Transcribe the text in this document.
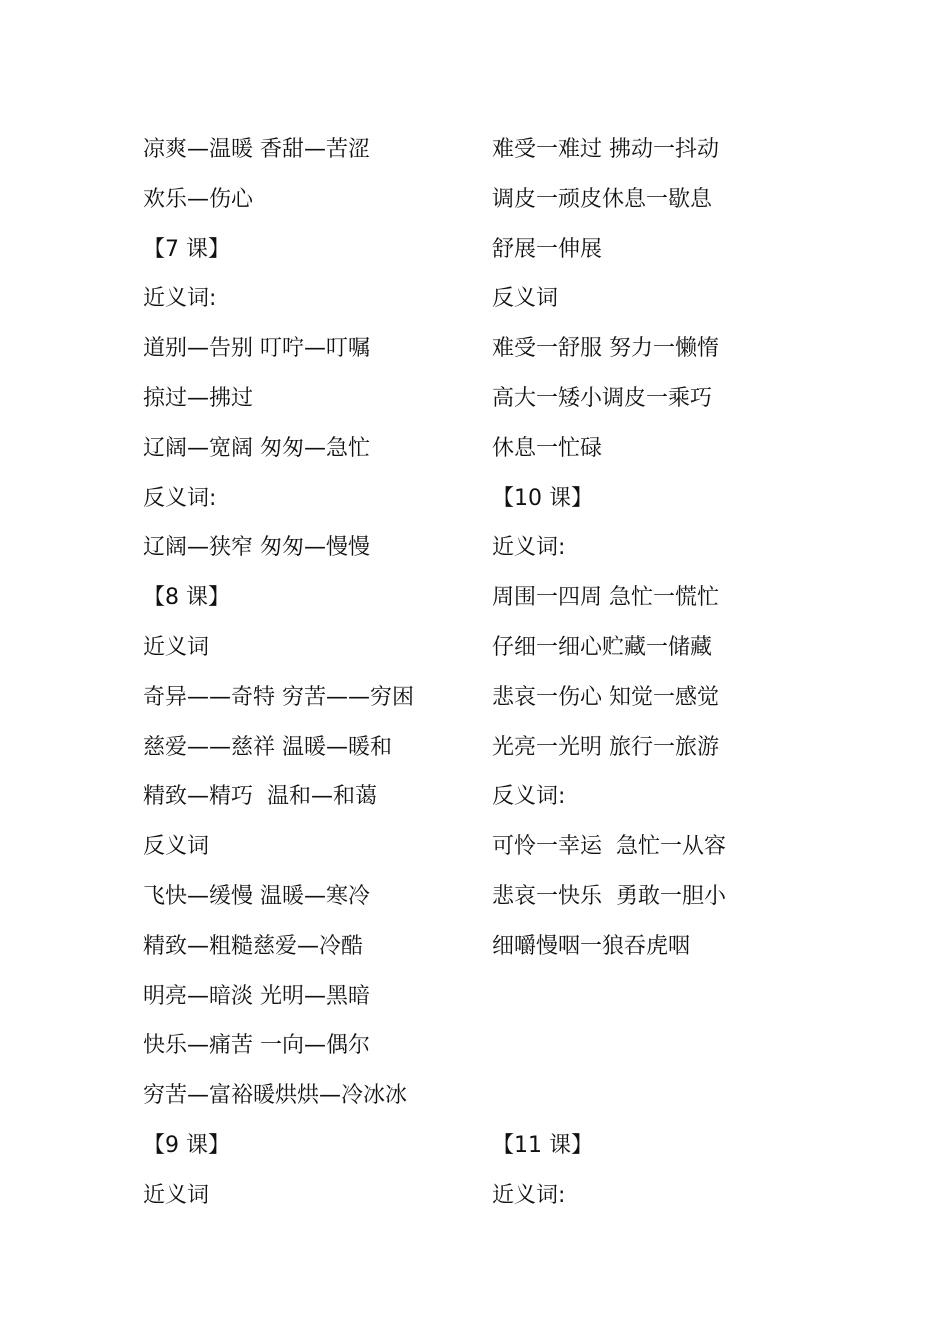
凉爽—温暖 香甜—苦涩
欢乐—伤心
【7 课】
近义词:
道别—告别 叮咛—叮嘱
掠过—拂过
辽阔—宽阔 匆匆—急忙
反义词:
辽阔—狭窄 匆匆—慢慢
【8 课】
近义词
奇异——奇特 穷苦——穷困
慈爱——慈祥 温暖—暖和
精致—精巧  温和—和蔼
反义词
飞快—缓慢 温暖—寒冷
精致—粗糙慈爱—冷酷
明亮—暗淡 光明—黑暗
快乐—痛苦 一向—偶尔
穷苦—富裕暖烘烘—冷冰冰
【9 课】
近义词
难受一难过 拂动一抖动
调皮一顽皮休息一歇息
舒展一伸展
反义词
难受一舒服 努力一懒惰
高大一矮小调皮一乘巧
休息一忙碌
【10 课】
近义词:
周围一四周 急忙一慌忙
仔细一细心贮藏一储藏
悲哀一伤心 知觉一感觉
光亮一光明 旅行一旅游
反义词:
可怜一幸运  急忙一从容
悲哀一快乐  勇敢一胆小
细嚼慢咽一狼吞虎咽
【11 课】
近义词:
